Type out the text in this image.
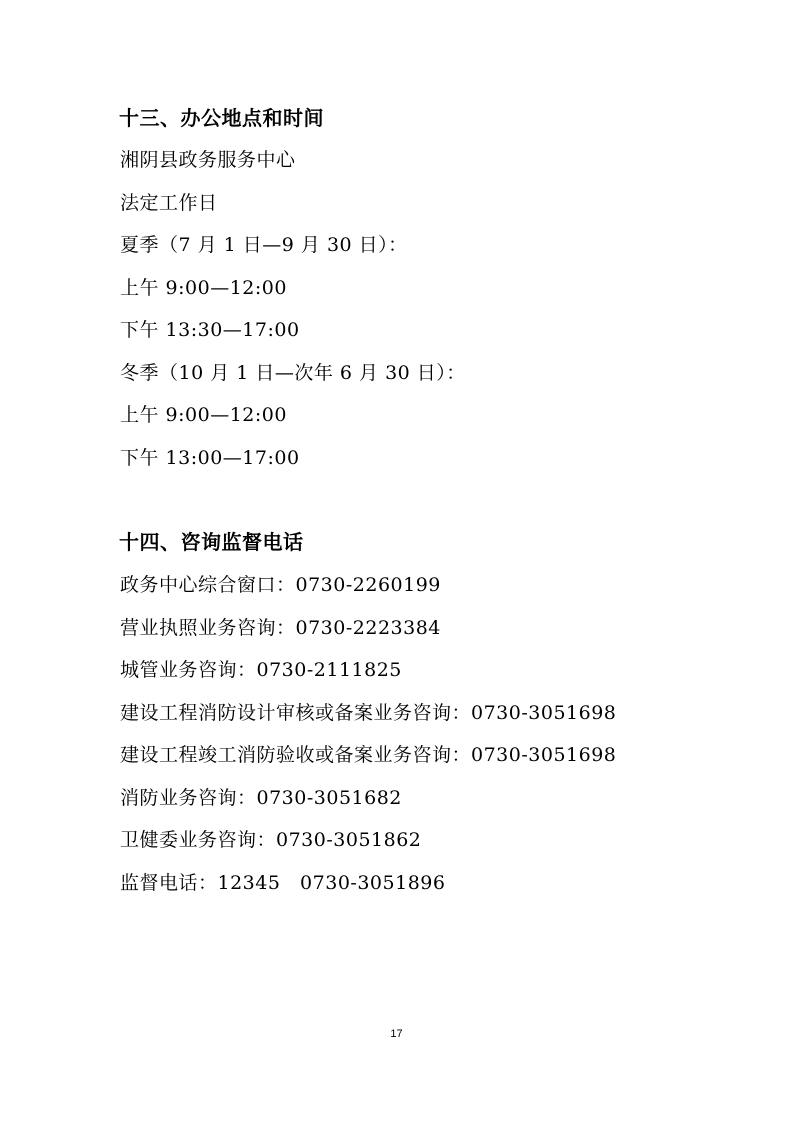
十三、办公地点和时间

湘阴县政务服务中心

法定工作日

夏季（7 月 1 日—9 月 30 日）：

上午 9:00—12:00

下午 13:30—17:00

冬季（10 月 1 日—次年 6 月 30 日）：

上午 9:00—12:00

下午 13:00—17:00

十四、咨询监督电话

政务中心综合窗口：0730-2260199

营业执照业务咨询：0730-2223384

城管业务咨询：0730-2111825

建设工程消防设计审核或备案业务咨询：0730-3051698

建设工程竣工消防验收或备案业务咨询：0730-3051698

消防业务咨询：0730-3051682

卫健委业务咨询：0730-3051862

监督电话：12345   0730-3051896

17
